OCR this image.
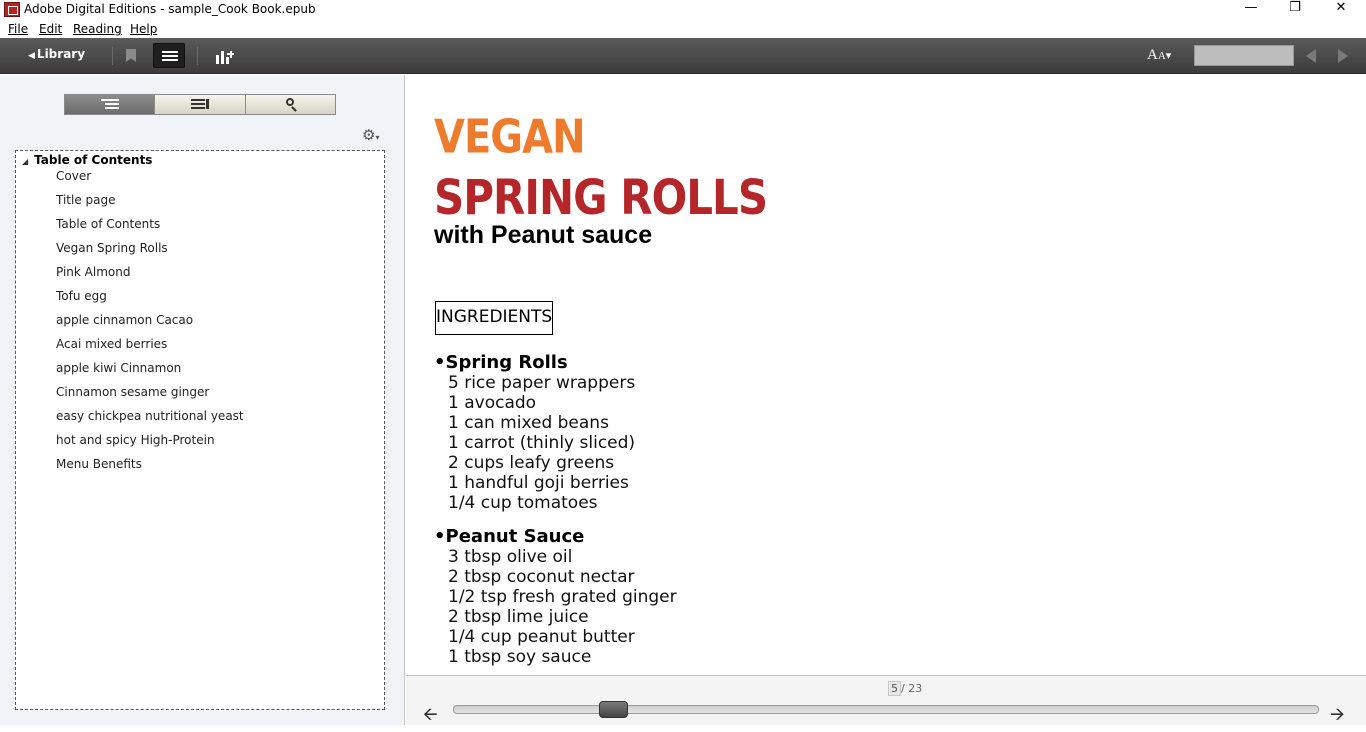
Adobe Digital Editions - sample_Cook Book.epub	—	❐	✕
File Edit Reading Help
◀ Library	AA▾
⚙▾
◢ Table of Contents
Cover
Title page
Table of Contents
Vegan Spring Rolls
Pink Almond
Tofu egg
apple cinnamon Cacao
Acai mixed berries
apple kiwi Cinnamon
Cinnamon sesame ginger
easy chickpea nutritional yeast
hot and spicy High-Protein
Menu Benefits
VEGAN
SPRING ROLLS
with Peanut sauce
INGREDIENTS
• Spring Rolls
5 rice paper wrappers
1 avocado
1 can mixed beans
1 carrot (thinly sliced)
2 cups leafy greens
1 handful goji berries
1/4 cup tomatoes
• Peanut Sauce
3 tbsp olive oil
2 tbsp coconut nectar
1/2 tsp fresh grated ginger
2 tbsp lime juice
1/4 cup peanut butter
1 tbsp soy sauce
5 / 23
🡨	🡪
